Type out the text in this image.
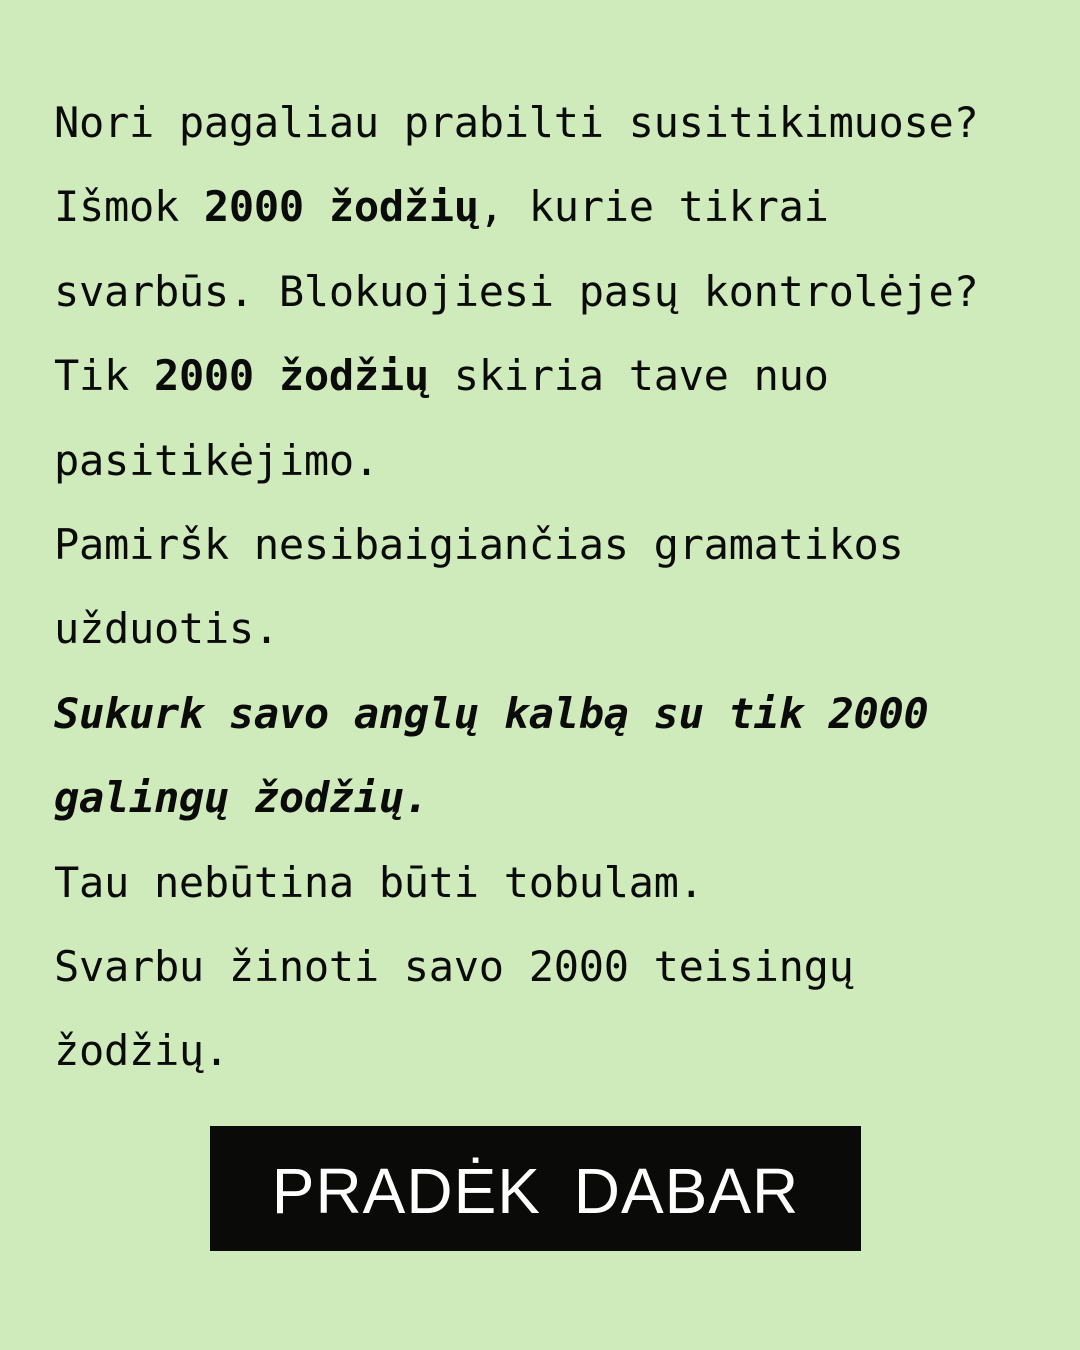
Nori pagaliau prabilti susitikimuose?
Išmok 2000 žodžių, kurie tikrai
svarbūs. Blokuojiesi pasų kontrolėje?
Tik 2000 žodžių skiria tave nuo
pasitikėjimo.
Pamiršk nesibaigiančias gramatikos
užduotis.
Sukurk savo anglų kalbą su tik 2000
galingų žodžių.
Tau nebūtina būti tobulam.
Svarbu žinoti savo 2000 teisingų
žodžių.
PRADĖK DABAR
